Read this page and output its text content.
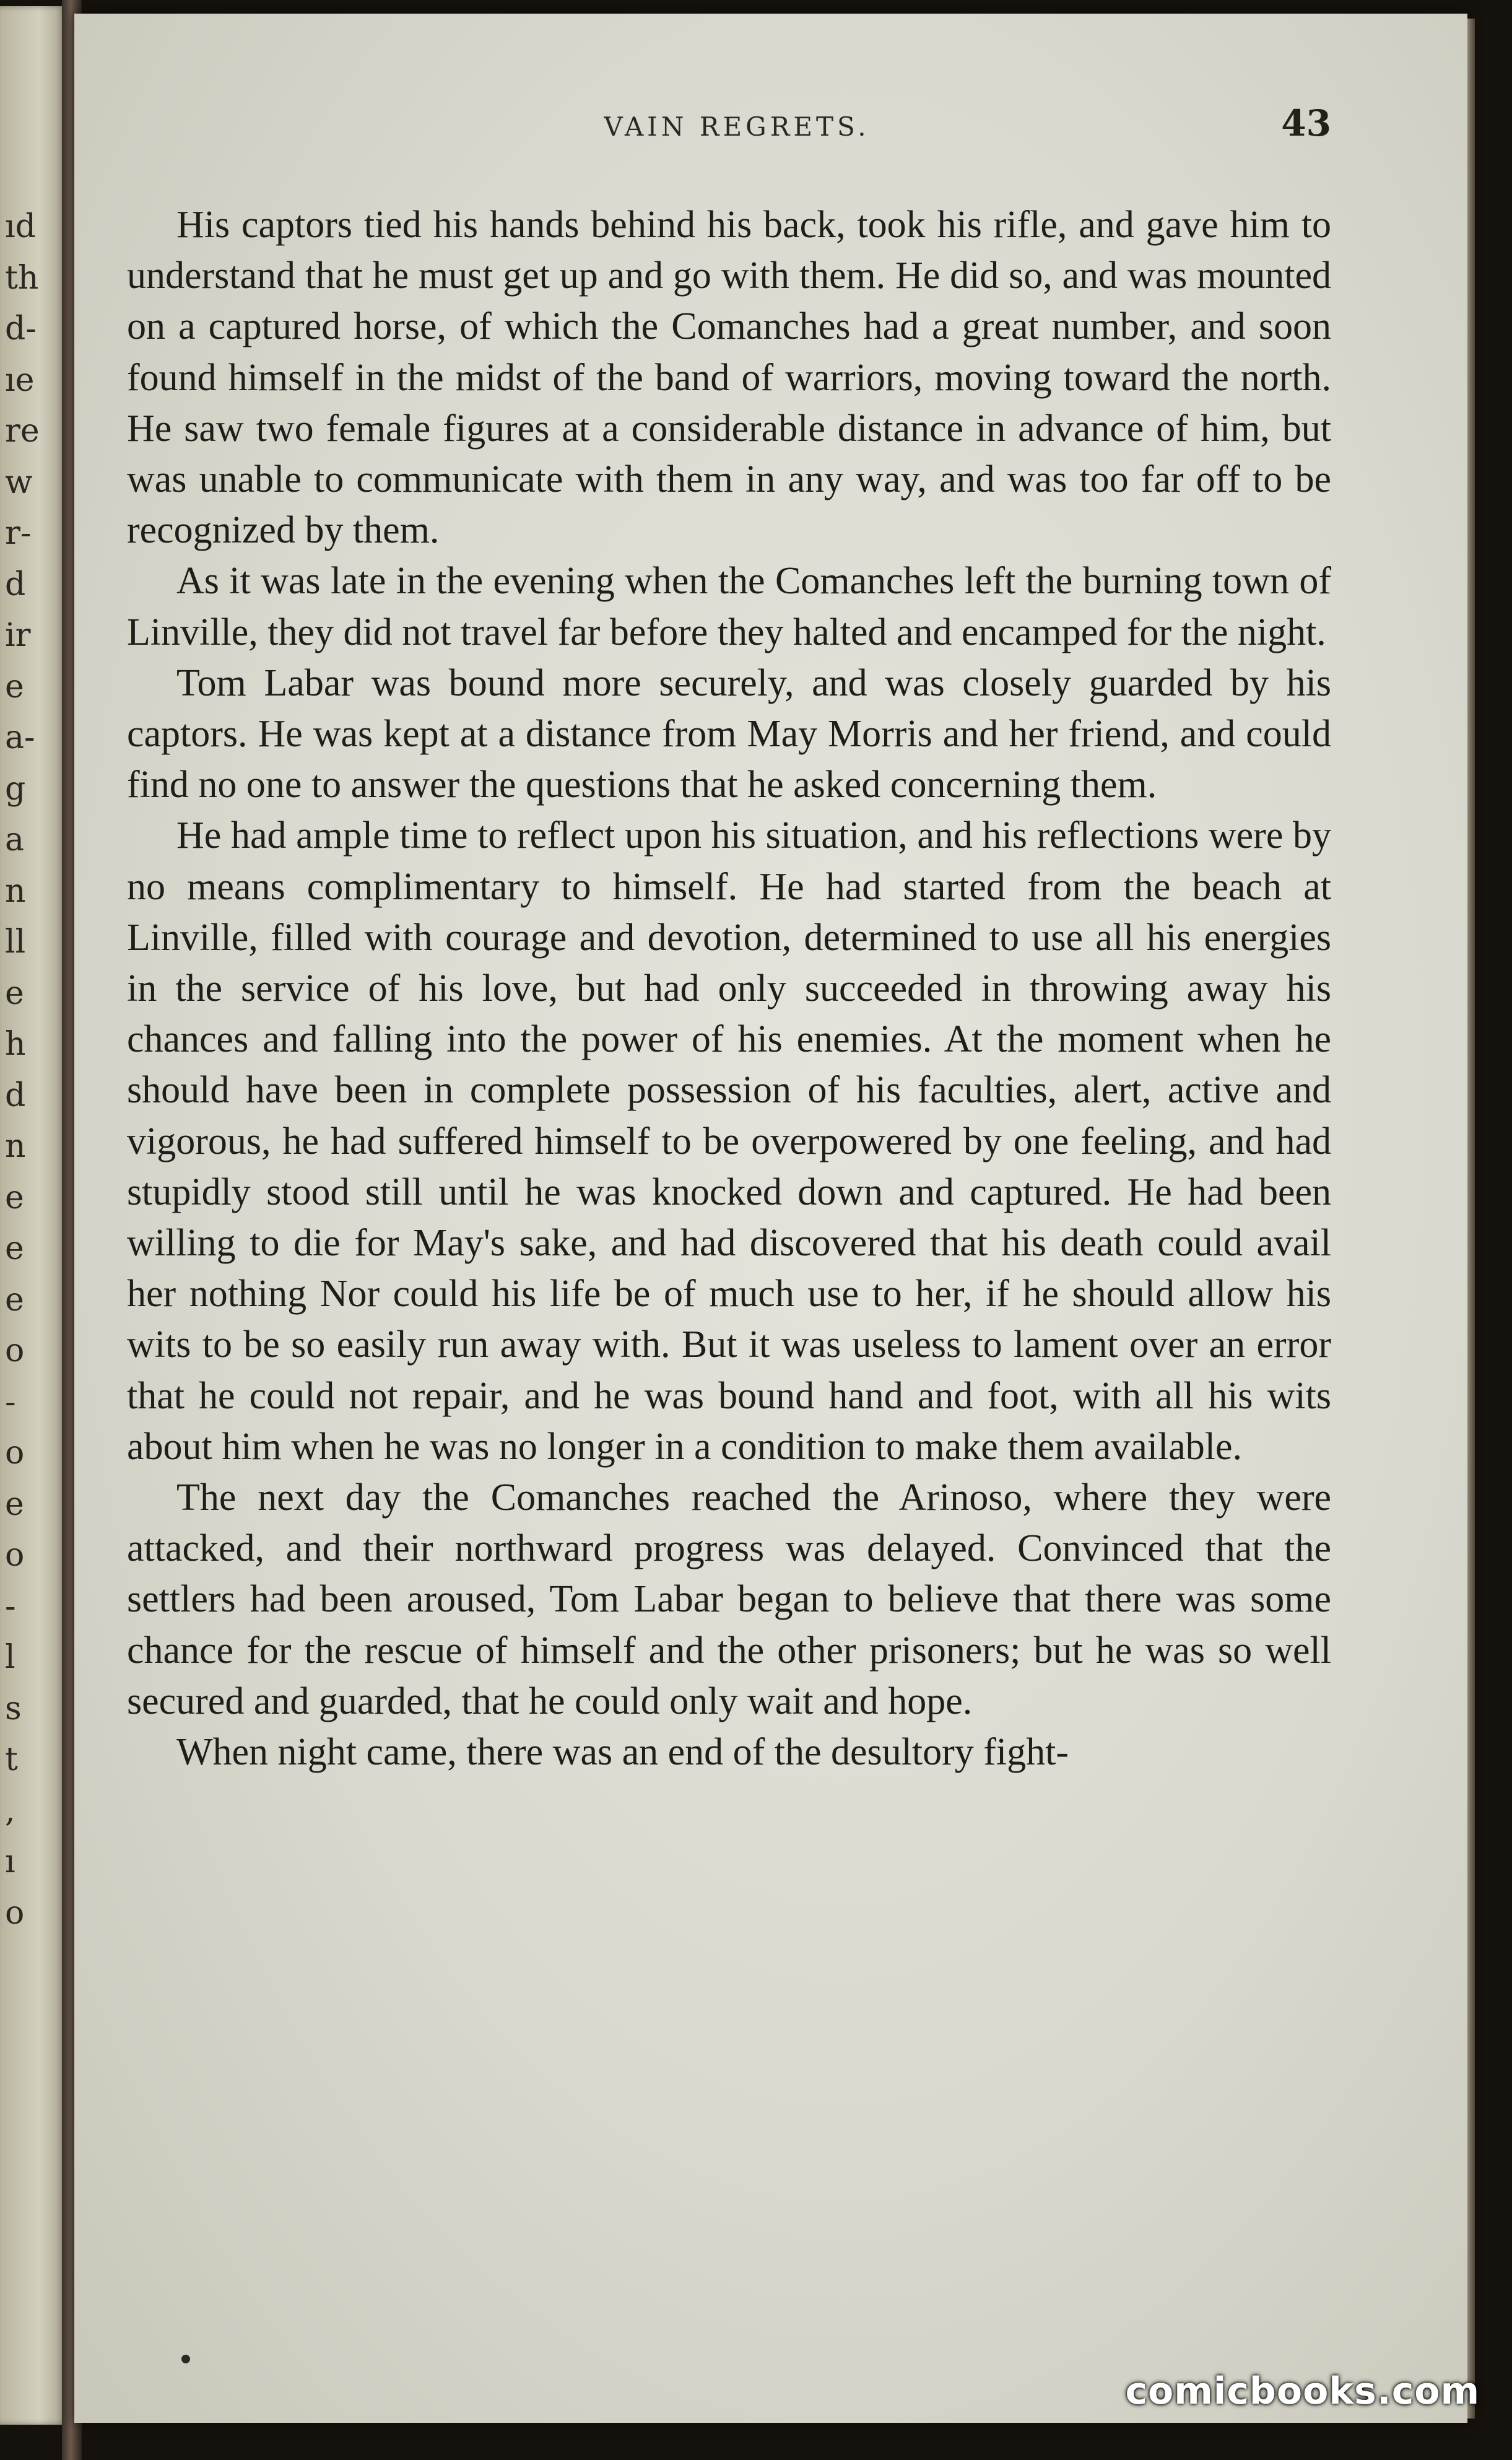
ıd
th
d-
ıe
re
w
r-
d
ir
e
a-
g
a
n
ll
e
h
d
n
e
e
e
o
-
o
e
o
-
l
s
t
,
ı
o
VAIN REGRETS.	43

His captors tied his hands behind his back, took his rifle, and gave him to understand that he must get up and go with them. He did so, and was mounted on a captured horse, of which the Comanches had a great number, and soon found himself in the midst of the band of warriors, moving toward the north. He saw two female figures at a considerable distance in advance of him, but was unable to communicate with them in any way, and was too far off to be recognized by them.

As it was late in the evening when the Comanches left the burning town of Linville, they did not travel far before they halted and encamped for the night.

Tom Labar was bound more securely, and was closely guarded by his captors. He was kept at a distance from May Morris and her friend, and could find no one to answer the questions that he asked concerning them.

He had ample time to reflect upon his situation, and his reflections were by no means complimentary to himself. He had started from the beach at Linville, filled with courage and devotion, determined to use all his energies in the service of his love, but had only succeeded in throwing away his chances and falling into the power of his enemies. At the moment when he should have been in complete possession of his faculties, alert, active and vigorous, he had suffered himself to be overpowered by one feeling, and had stupidly stood still until he was knocked down and captured. He had been willing to die for May's sake, and had discovered that his death could avail her nothing Nor could his life be of much use to her, if he should allow his wits to be so easily run away with. But it was useless to lament over an error that he could not repair, and he was bound hand and foot, with all his wits about him when he was no longer in a condition to make them available.

The next day the Comanches reached the Arinoso, where they were attacked, and their northward progress was delayed. Convinced that the settlers had been aroused, Tom Labar began to believe that there was some chance for the rescue of himself and the other prisoners; but he was so well secured and guarded, that he could only wait and hope.

When night came, there was an end of the desultory fight-

comicbooks.com
